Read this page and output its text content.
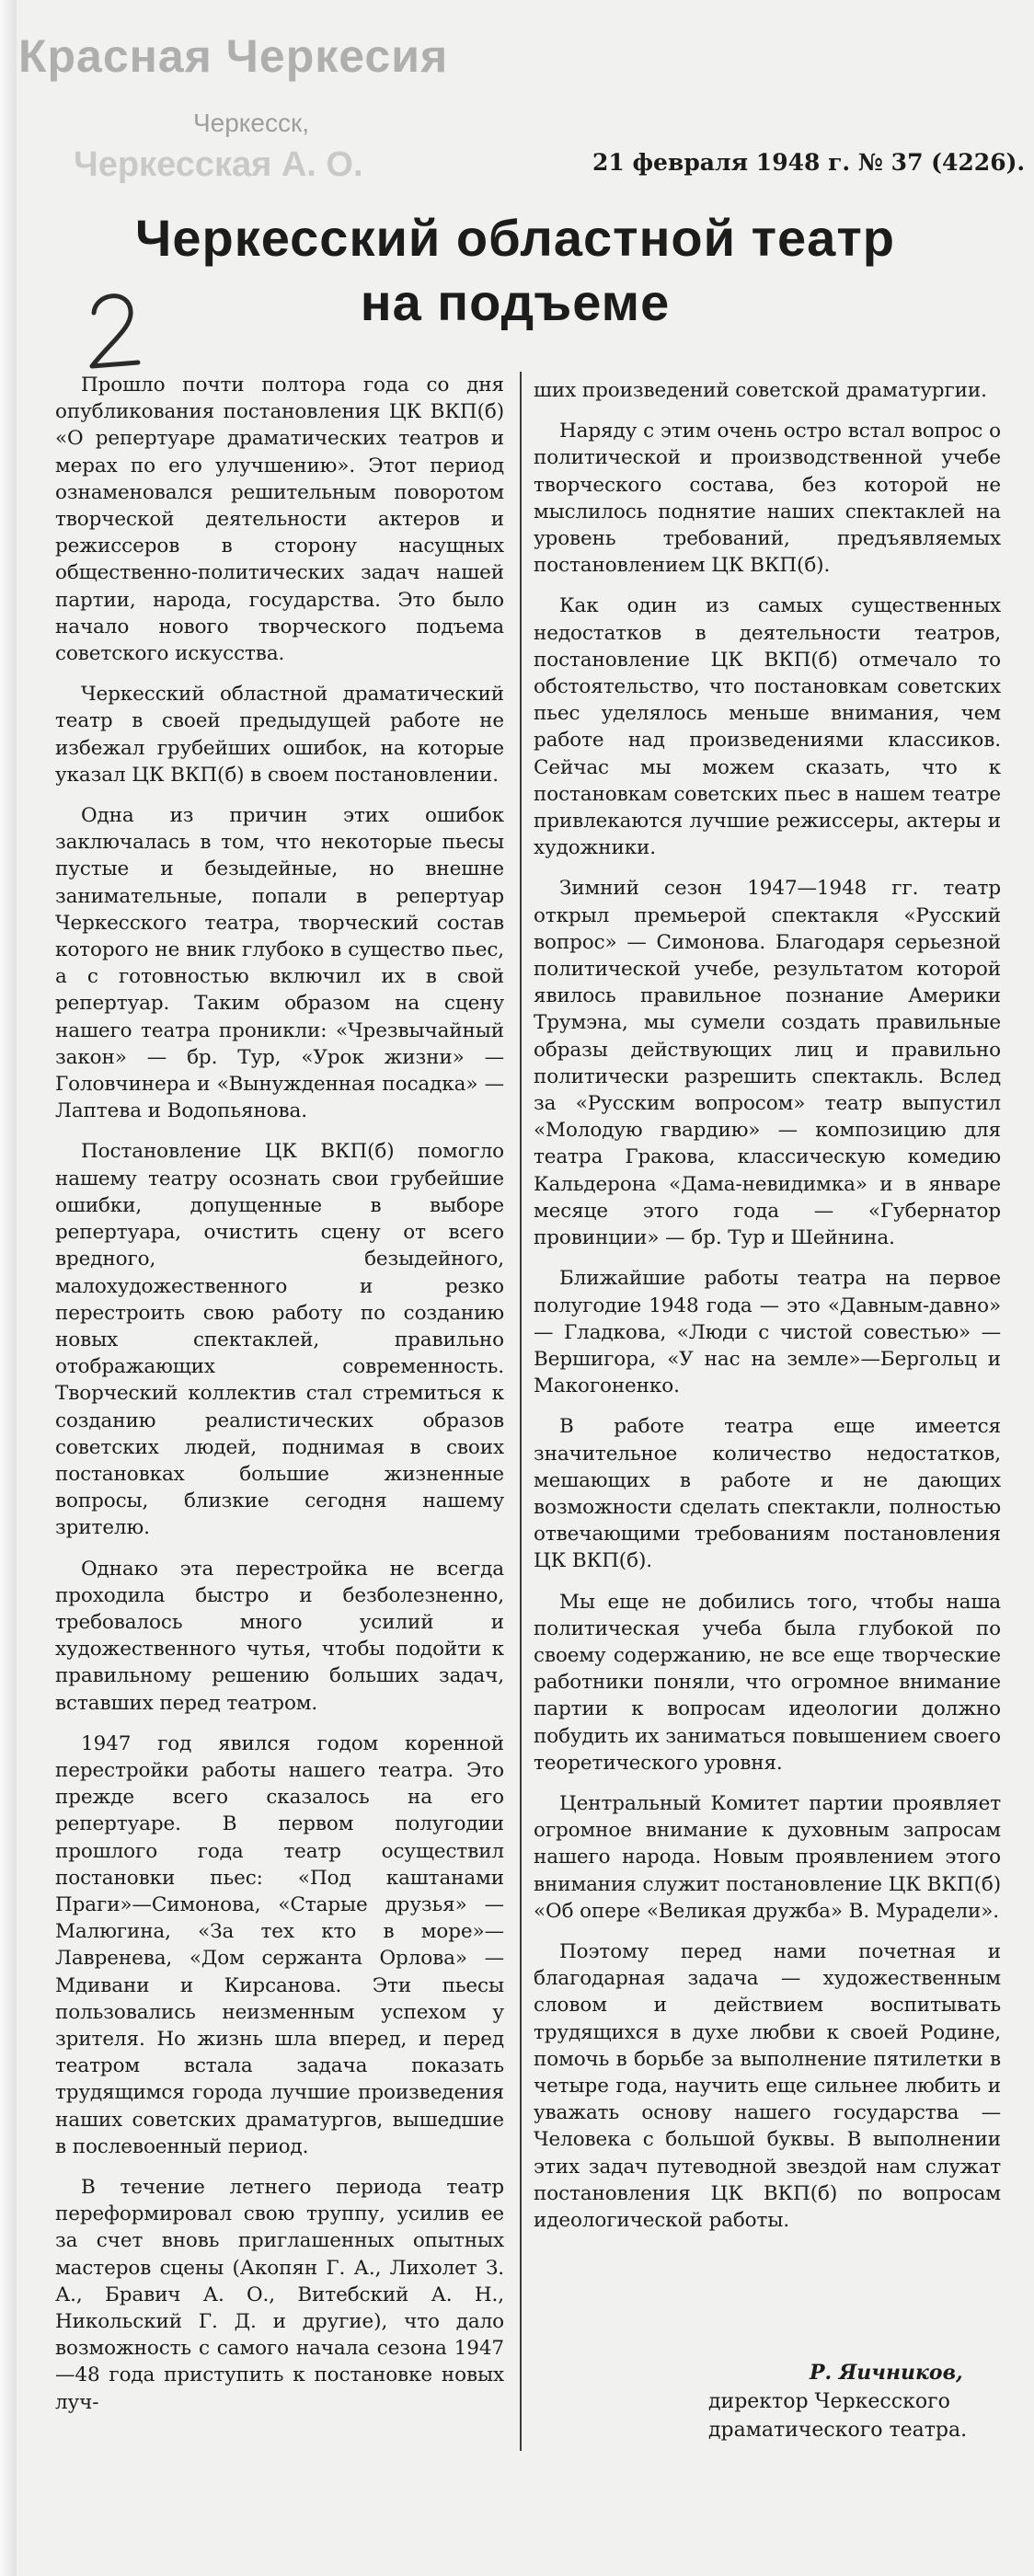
Красная Черкесия
Черкесск,
Черкесская А. О.	21 февраля 1948 г. № 37 (4226).
Черкесский областной театр
на подъеме

Прошло почти полтора года со дня опубликования постановления ЦК ВКП(б) «О репертуаре драматических театров и мерах по его улучшению». Этот период ознаменовался решительным поворотом творческой деятельности актеров и режиссеров в сторону насущных общественно-политических задач нашей партии, народа, государства. Это было начало нового творческого подъема советского искусства.

Черкесский областной драматический театр в своей предыдущей работе не избежал грубейших ошибок, на которые указал ЦК ВКП(б) в своем постановлении.

Одна из причин этих ошибок заключалась в том, что некоторые пьесы пустые и безыдейные, но внешне занимательные, попали в репертуар Черкесского театра, творческий состав которого не вник глубоко в существо пьес, а с готовностью включил их в свой репертуар. Таким образом на сцену нашего театра проникли: «Чрезвычайный закон» — бр. Тур, «Урок жизни» — Головчинера и «Вынужденная посадка» — Лаптева и Водопьянова.

Постановление ЦК ВКП(б) помогло нашему театру осознать свои грубейшие ошибки, допущенные в выборе репертуара, очистить сцену от всего вредного, безыдейного, малохудожественного и резко перестроить свою работу по созданию новых спектаклей, правильно отображающих современность. Творческий коллектив стал стремиться к созданию реалистических образов советских людей, поднимая в своих постановках большие жизненные вопросы, близкие сегодня нашему зрителю.

Однако эта перестройка не всегда проходила быстро и безболезненно, требовалось много усилий и художественного чутья, чтобы подойти к правильному решению больших задач, вставших перед театром.

1947 год явился годом коренной перестройки работы нашего театра. Это прежде всего сказалось на его репертуаре. В первом полугодии прошлого года театр осуществил постановки пьес: «Под каштанами Праги»—Симонова, «Старые друзья» — Малюгина, «За тех кто в море»—Лавренева, «Дом сержанта Орлова» —Мдивани и Кирсанова. Эти пьесы пользовались неизменным успехом у зрителя. Но жизнь шла вперед, и перед театром встала задача показать трудящимся города лучшие произведения наших советских драматургов, вышедшие в послевоенный период.

В течение летнего периода театр переформировал свою труппу, усилив ее за счет вновь приглашенных опытных мастеров сцены (Акопян Г. А., Лихолет З. А., Бравич А. О., Витебский А. Н., Никольский Г. Д. и другие), что дало возможность с самого начала сезона 1947—48 года приступить к постановке новых луч-

ших произведений советской драматургии.

Наряду с этим очень остро встал вопрос о политической и производственной учебе творческого состава, без которой не мыслилось поднятие наших спектаклей на уровень требований, предъявляемых постановлением ЦК ВКП(б).

Как один из самых существенных недостатков в деятельности театров, постановление ЦК ВКП(б) отмечало то обстоятельство, что постановкам советских пьес уделялось меньше внимания, чем работе над произведениями классиков. Сейчас мы можем сказать, что к постановкам советских пьес в нашем театре привлекаются лучшие режиссеры, актеры и художники.

Зимний сезон 1947—1948 гг. театр открыл премьерой спектакля «Русский вопрос» — Симонова. Благодаря серьезной политической учебе, результатом которой явилось правильное познание Америки Трумэна, мы сумели создать правильные образы действующих лиц и правильно политически разрешить спектакль. Вслед за «Русским вопросом» театр выпустил «Молодую гвардию» — композицию для театра Гракова, классическую комедию Кальдерона «Дама-невидимка» и в январе месяце этого года — «Губернатор провинции» — бр. Тур и Шейнина.

Ближайшие работы театра на первое полугодие 1948 года — это «Давным-давно» — Гладкова, «Люди с чистой совестью» — Вершигора, «У нас на земле»—Бергольц и Макогоненко.

В работе театра еще имеется значительное количество недостатков, мешающих в работе и не дающих возможности сделать спектакли, полностью отвечающими требованиям постановления ЦК ВКП(б).

Мы еще не добились того, чтобы наша политическая учеба была глубокой по своему содержанию, не все еще творческие работники поняли, что огромное внимание партии к вопросам идеологии должно побудить их заниматься повышением своего теоретического уровня.

Центральный Комитет партии проявляет огромное внимание к духовным запросам нашего народа. Новым проявлением этого внимания служит постановление ЦК ВКП(б) «Об опере «Великая дружба» В. Мурадели».

Поэтому перед нами почетная и благодарная задача — художественным словом и действием воспитывать трудящихся в духе любви к своей Родине, помочь в борьбе за выполнение пятилетки в четыре года, научить еще сильнее любить и уважать основу нашего государства — Человека с большой буквы. В выполнении этих задач путеводной звездой нам служат постановления ЦК ВКП(б) по вопросам идеологической работы.

Р. Яичников,
директор Черкесского
драматического театра.
